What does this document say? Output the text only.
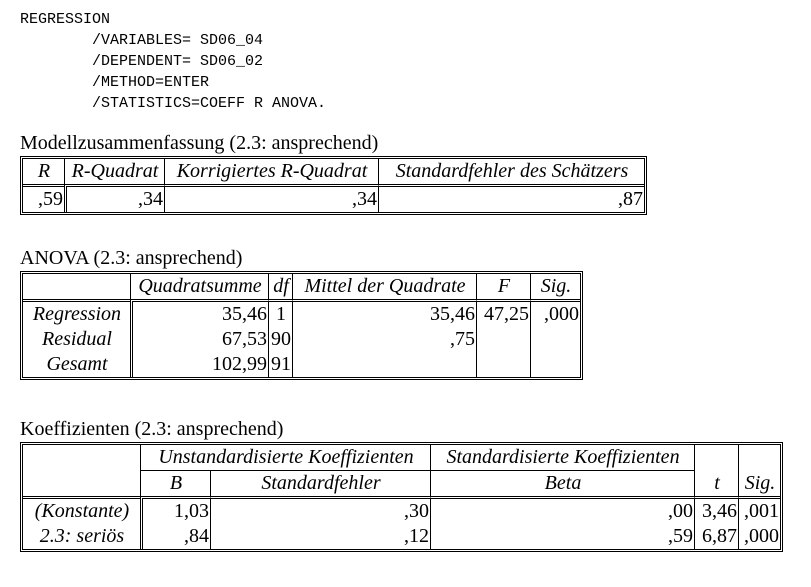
REGRESSION
/VARIABLES= SD06_04
/DEPENDENT= SD06_02
/METHOD=ENTER
/STATISTICS=COEFF R ANOVA.
Modellzusammenfassung (2.3: ansprechend)
R	R-Quadrat	Korrigiertes R-Quadrat	Standardfehler des Schätzers
,59	,34	,34	,87
ANOVA (2.3: ansprechend)
	Quadratsumme	df	Mittel der Quadrate	F	Sig.
Regression	35,46	1	35,46	47,25	,000
Residual	67,53	90	,75		
Gesamt	102,99	91			
Koeffizienten (2.3: ansprechend)
	Unstandardisierte Koeffizienten		Standardisierte Koeffizienten	t	Sig.
	B	Standardfehler	Beta		
(Konstante)	1,03	,30	,00	3,46	,001
2.3: seriös	,84	,12	,59	6,87	,000
